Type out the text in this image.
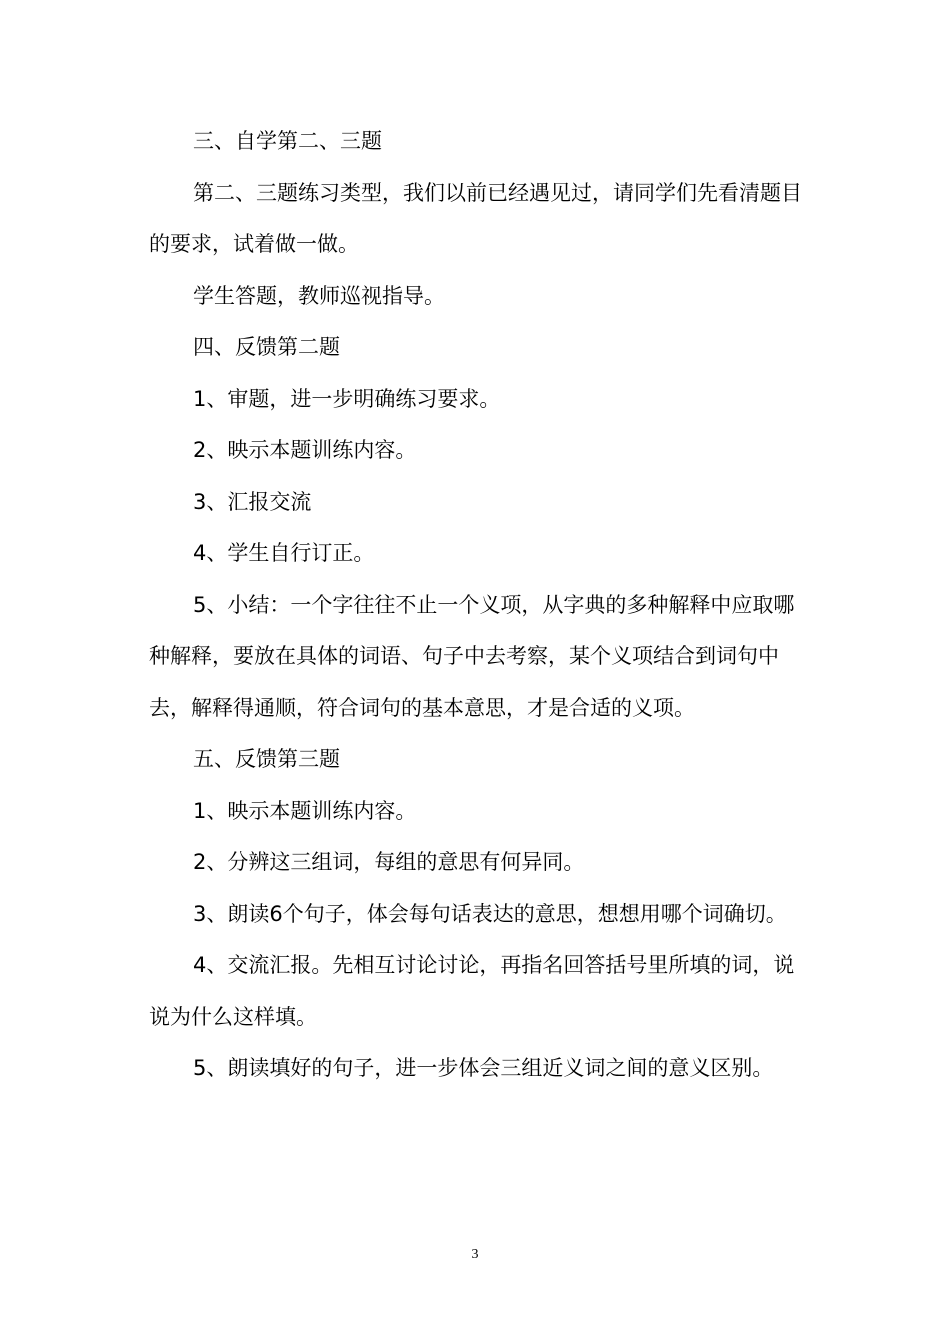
三、自学第二、三题

第二、三题练习类型，我们以前已经遇见过，请同学们先看清题目的要求，试着做一做。

学生答题，教师巡视指导。

四、反馈第二题

1、审题，进一步明确练习要求。

2、映示本题训练内容。

3、汇报交流

4、学生自行订正。

5、小结：一个字往往不止一个义项，从字典的多种解释中应取哪种解释，要放在具体的词语、句子中去考察，某个义项结合到词句中去，解释得通顺，符合词句的基本意思，才是合适的义项。

五、反馈第三题

1、映示本题训练内容。

2、分辨这三组词，每组的意思有何异同。

3、朗读6个句子，体会每句话表达的意思，想想用哪个词确切。

4、交流汇报。先相互讨论讨论，再指名回答括号里所填的词，说说为什么这样填。

5、朗读填好的句子，进一步体会三组近义词之间的意义区别。

3
